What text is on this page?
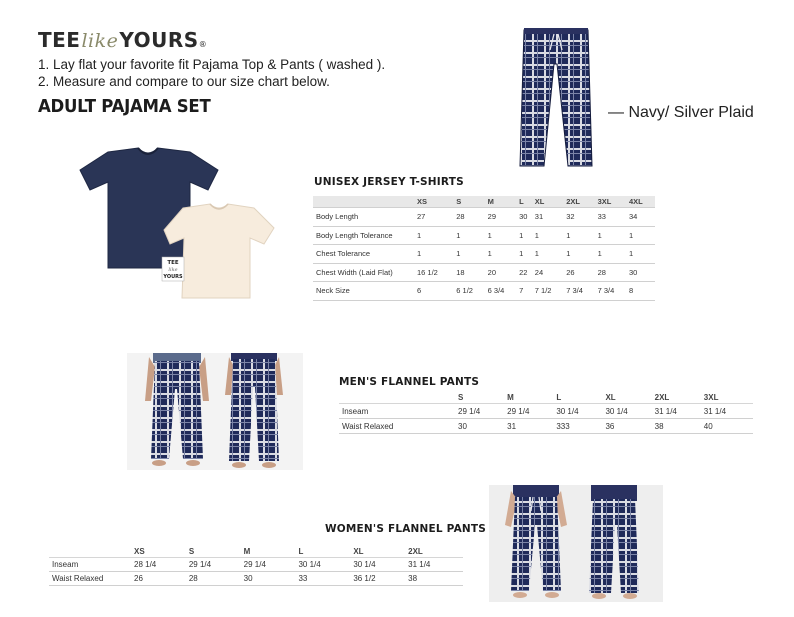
TEElikeYOURS®
1. Lay flat your favorite fit Pajama Top & Pants ( washed ).
2. Measure and compare to our size chart below.
ADULT PAJAMA SET	— Navy/ Silver Plaid
TEE
like
YOURS
UNISEX JERSEY T-SHIRTS
	XS	S	M	L	XL	2XL	3XL	4XL
Body Length	27	28	29	30	31	32	33	34
Body Length Tolerance	1	1	1	1	1	1	1	1
Chest Tolerance	1	1	1	1	1	1	1	1
Chest Width (Laid Flat)	16 1/2	18	20	22	24	26	28	30
Neck Size	6	6 1/2	6 3/4	7	7 1/2	7 3/4	7 3/4	8
MEN'S FLANNEL PANTS
	S	M	L	XL	2XL	3XL
Inseam	29 1/4	29 1/4	30 1/4	30 1/4	31 1/4	31 1/4
Waist Relaxed	30	31	333	36	38	40
WOMEN'S FLANNEL PANTS
	XS	S	M	L	XL	2XL
Inseam	28 1/4	29 1/4	29 1/4	30 1/4	30 1/4	31 1/4
Waist Relaxed	26	28	30	33	36 1/2	38
